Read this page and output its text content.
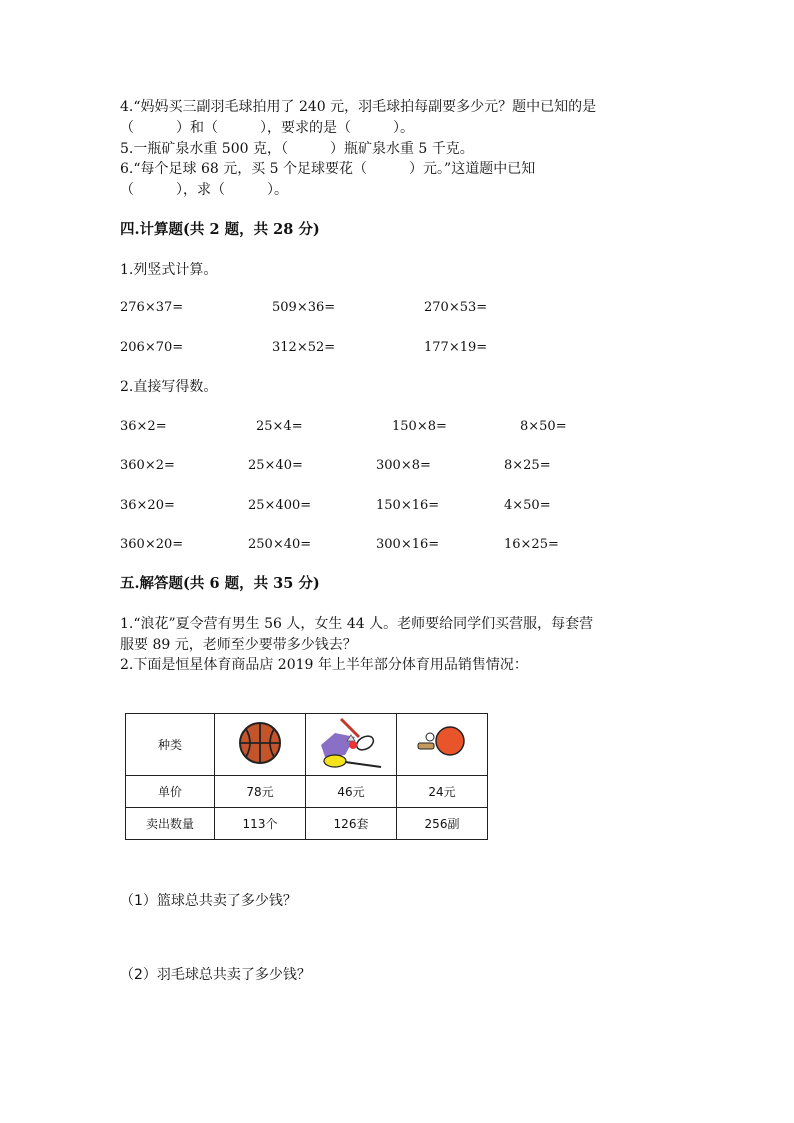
4.“妈妈买三副羽毛球拍用了 240 元，羽毛球拍每副要多少元？题中已知的是
（　　　）和（　　　），要求的是（　　　）。
5.一瓶矿泉水重 500 克，（　　　）瓶矿泉水重 5 千克。
6.“每个足球 68 元，买 5 个足球要花（　　　）元。”这道题中已知
（　　　），求（　　　）。
四.计算题(共 2 题，共 28 分)
1.列竖式计算。
276×37=	509×36=	270×53=
206×70=	312×52=	177×19=
2.直接写得数。
36×2=	25×4=	150×8=	8×50=
360×2=	25×40=	300×8=	8×25=
36×20=	25×400=	150×16=	4×50=
360×20=	250×40=	300×16=	16×25=
五.解答题(共 6 题，共 35 分)
1.“浪花”夏令营有男生 56 人，女生 44 人。老师要给同学们买营服，每套营
服要 89 元，老师至少要带多少钱去？
2.下面是恒星体育商品店 2019 年上半年部分体育用品销售情况：
种类			
单价	78元	46元	24元
卖出数量	113个	126套	256副
（1）篮球总共卖了多少钱？
（2）羽毛球总共卖了多少钱？
